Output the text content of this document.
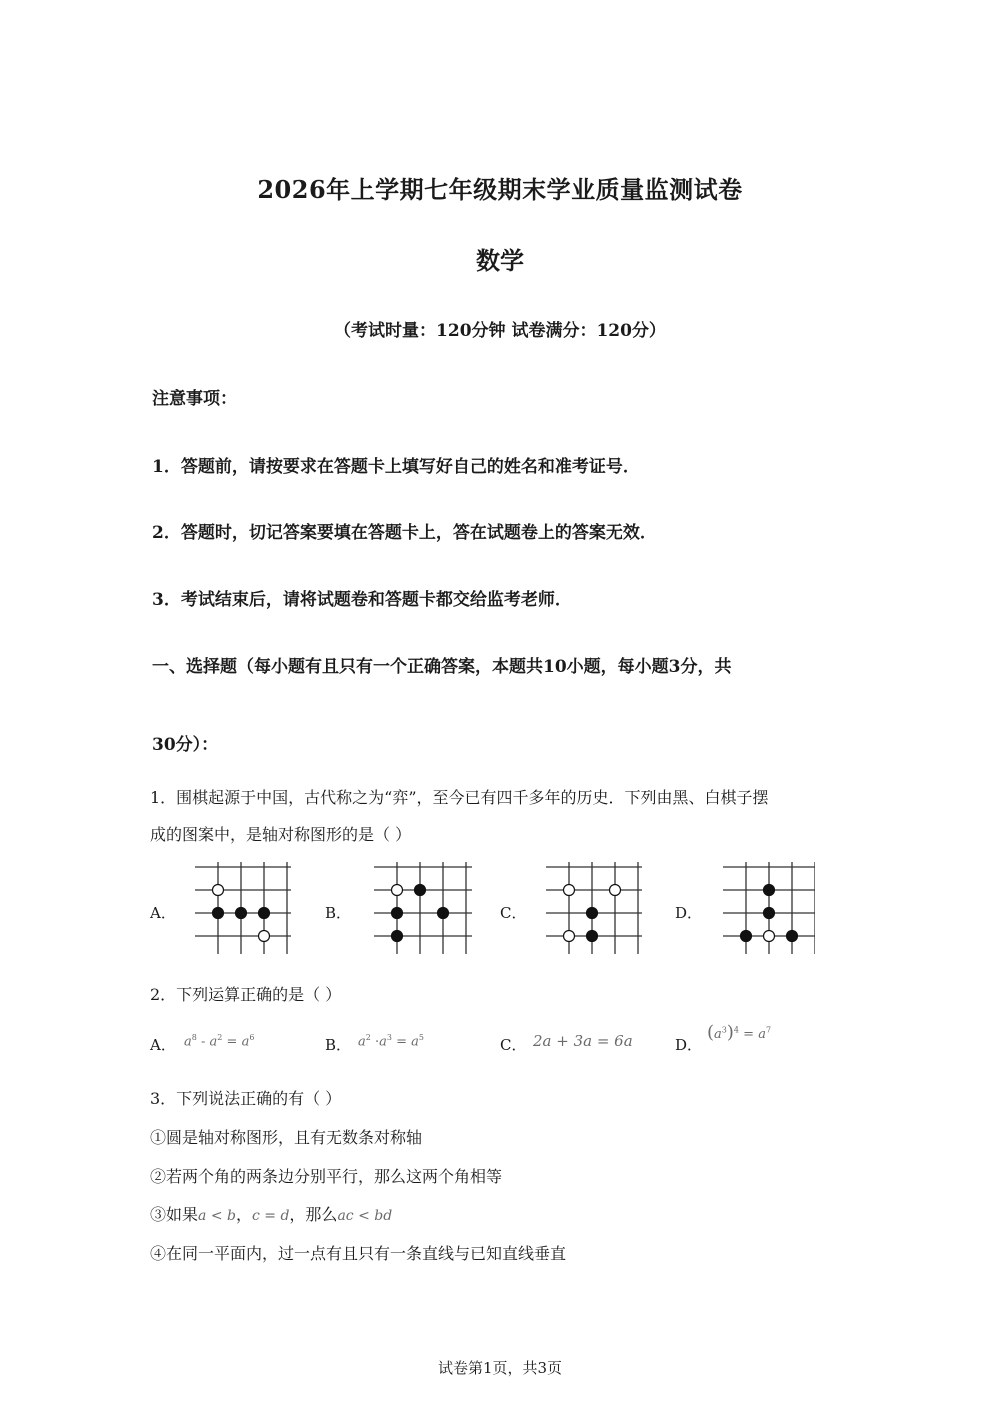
2026年上学期七年级期末学业质量监测试卷
数学
（考试时量：120分钟 试卷满分：120分）
注意事项：
1．答题前，请按要求在答题卡上填写好自己的姓名和准考证号．
2．答题时，切记答案要填在答题卡上，答在试题卷上的答案无效．
3．考试结束后，请将试题卷和答题卡都交给监考老师．
一、选择题（每小题有且只有一个正确答案，本题共10小题，每小题3分，共
30分）：
1．围棋起源于中国，古代称之为“弈”，至今已有四千多年的历史．下列由黑、白棋子摆
成的图案中，是轴对称图形的是（ ）
A．	B．	C．	D．
2．下列运算正确的是（ ）
A． $a^8 - a^2 = a^6$	B． $a^2 \cdot a^3 = a^5$	C． 2a + 3a = 6a	D．
$(a^3)^4 = a^7$
3．下列说法正确的有（ ）
①圆是轴对称图形，且有无数条对称轴
②若两个角的两条边分别平行，那么这两个角相等
③如果a < b，c = d，那么ac < bd
④在同一平面内，过一点有且只有一条直线与已知直线垂直
试卷第1页，共3页
